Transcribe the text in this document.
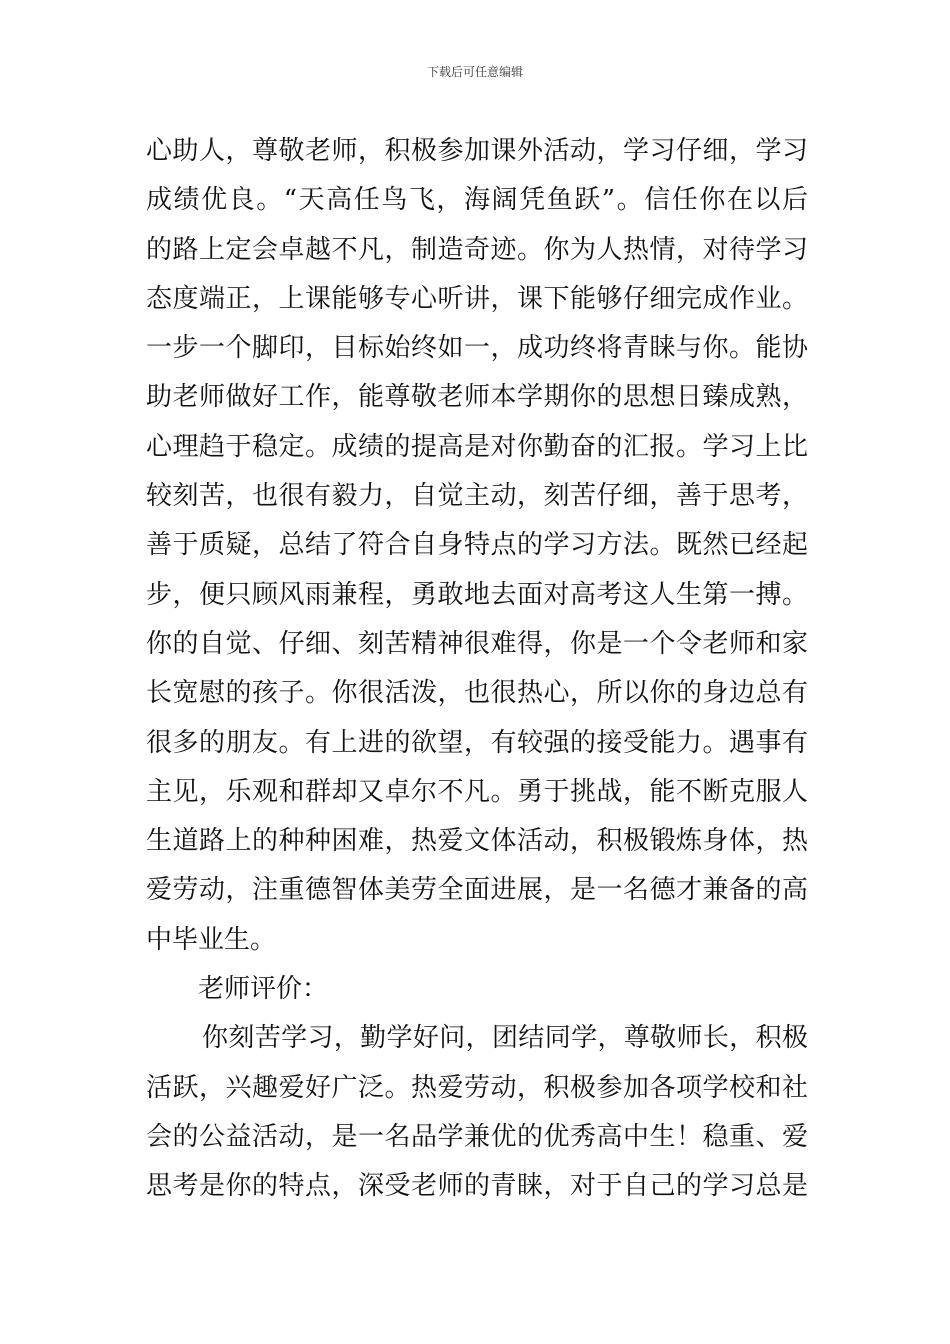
下载后可任意编辑
心助人，尊敬老师，积极参加课外活动，学习仔细，学习
成绩优良。“天高任鸟飞，海阔凭鱼跃”。信任你在以后
的路上定会卓越不凡，制造奇迹。你为人热情，对待学习
态度端正，上课能够专心听讲，课下能够仔细完成作业。
一步一个脚印，目标始终如一，成功终将青睐与你。能协
助老师做好工作，能尊敬老师本学期你的思想日臻成熟，
心理趋于稳定。成绩的提高是对你勤奋的汇报。学习上比
较刻苦，也很有毅力，自觉主动，刻苦仔细，善于思考，
善于质疑，总结了符合自身特点的学习方法。既然已经起
步，便只顾风雨兼程，勇敢地去面对高考这人生第一搏。
你的自觉、仔细、刻苦精神很难得，你是一个令老师和家
长宽慰的孩子。你很活泼，也很热心，所以你的身边总有
很多的朋友。有上进的欲望，有较强的接受能力。遇事有
主见，乐观和群却又卓尔不凡。勇于挑战，能不断克服人
生道路上的种种困难，热爱文体活动，积极锻炼身体，热
爱劳动，注重德智体美劳全面进展，是一名德才兼备的高
中毕业生。
老师评价：
你刻苦学习，勤学好问，团结同学，尊敬师长，积极
活跃，兴趣爱好广泛。热爱劳动，积极参加各项学校和社
会的公益活动，是一名品学兼优的优秀高中生！稳重、爱
思考是你的特点，深受老师的青睐，对于自己的学习总是
